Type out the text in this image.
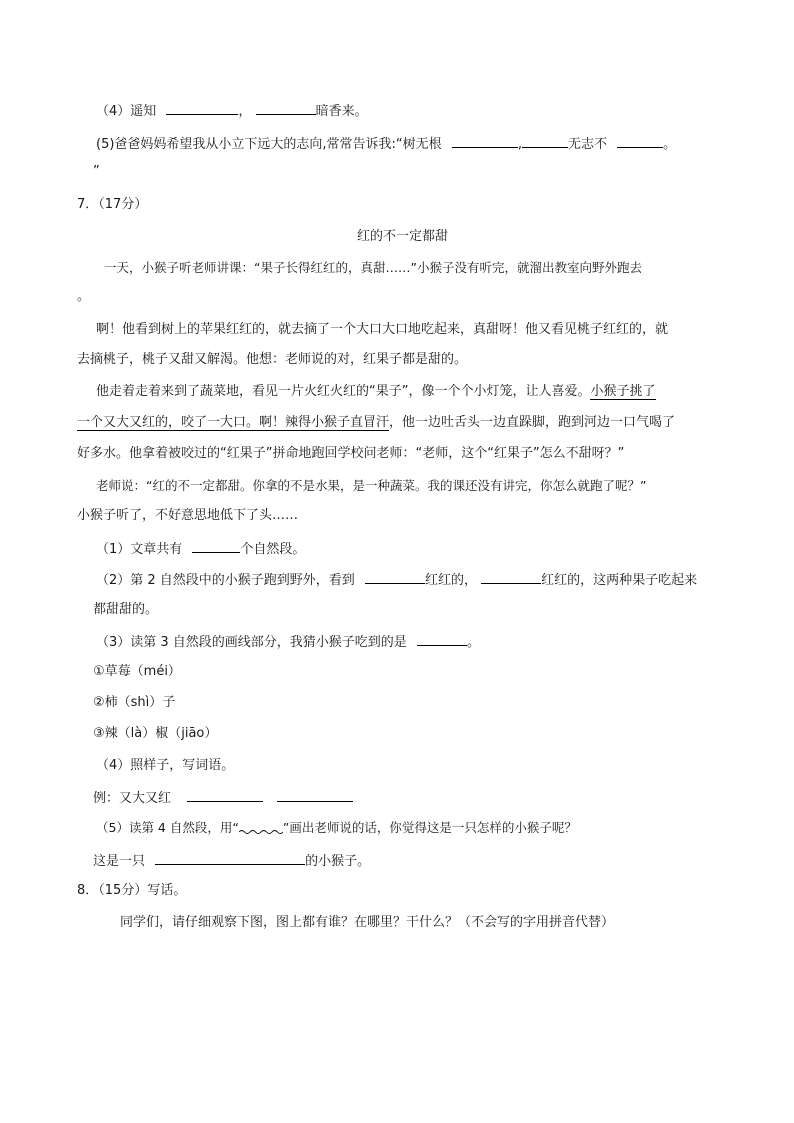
（4）遥知	，	暗香来。
(5)爸爸妈妈希望我从小立下远大的志向,常常告诉我:“树无根	,	无志不	。
”
7．（17分）
红的不一定都甜
一天，小猴子听老师讲课：“果子长得红红的，真甜……”小猴子没有听完，就溜出教室向野外跑去
。
啊！他看到树上的苹果红红的，就去摘了一个大口大口地吃起来，真甜呀！他又看见桃子红红的，就
去摘桃子，桃子又甜又解渴。他想：老师说的对，红果子都是甜的。
他走着走着来到了蔬菜地，看见一片火红火红的“果子”，像一个个小灯笼，让人喜爱。小猴子挑了
一个又大又红的，咬了一大口。啊！辣得小猴子直冒汗，他一边吐舌头一边直跺脚，跑到河边一口气喝了
好多水。他拿着被咬过的“红果子”拼命地跑回学校问老师：“老师，这个“红果子”怎么不甜呀？”
老师说：“红的不一定都甜。你拿的不是水果，是一种蔬菜。我的课还没有讲完，你怎么就跑了呢？”
小猴子听了，不好意思地低下了头……
（1）文章共有	个自然段。
（2）第 2 自然段中的小猴子跑到野外，看到	红红的，	红红的，这两种果子吃起来
都甜甜的。
（3）读第 3 自然段的画线部分，我猜小猴子吃到的是	。
①草莓（méi）
②柿（shì）子
③辣（là）椒（jiāo）
（4）照样子，写词语。
例：又大又红
（5）读第 4 自然段，用“	”画出老师说的话，你觉得这是一只怎样的小猴子呢？
这是一只	的小猴子。
8．（15分）写话。
同学们，请仔细观察下图，图上都有谁？在哪里？干什么？（不会写的字用拼音代替）
